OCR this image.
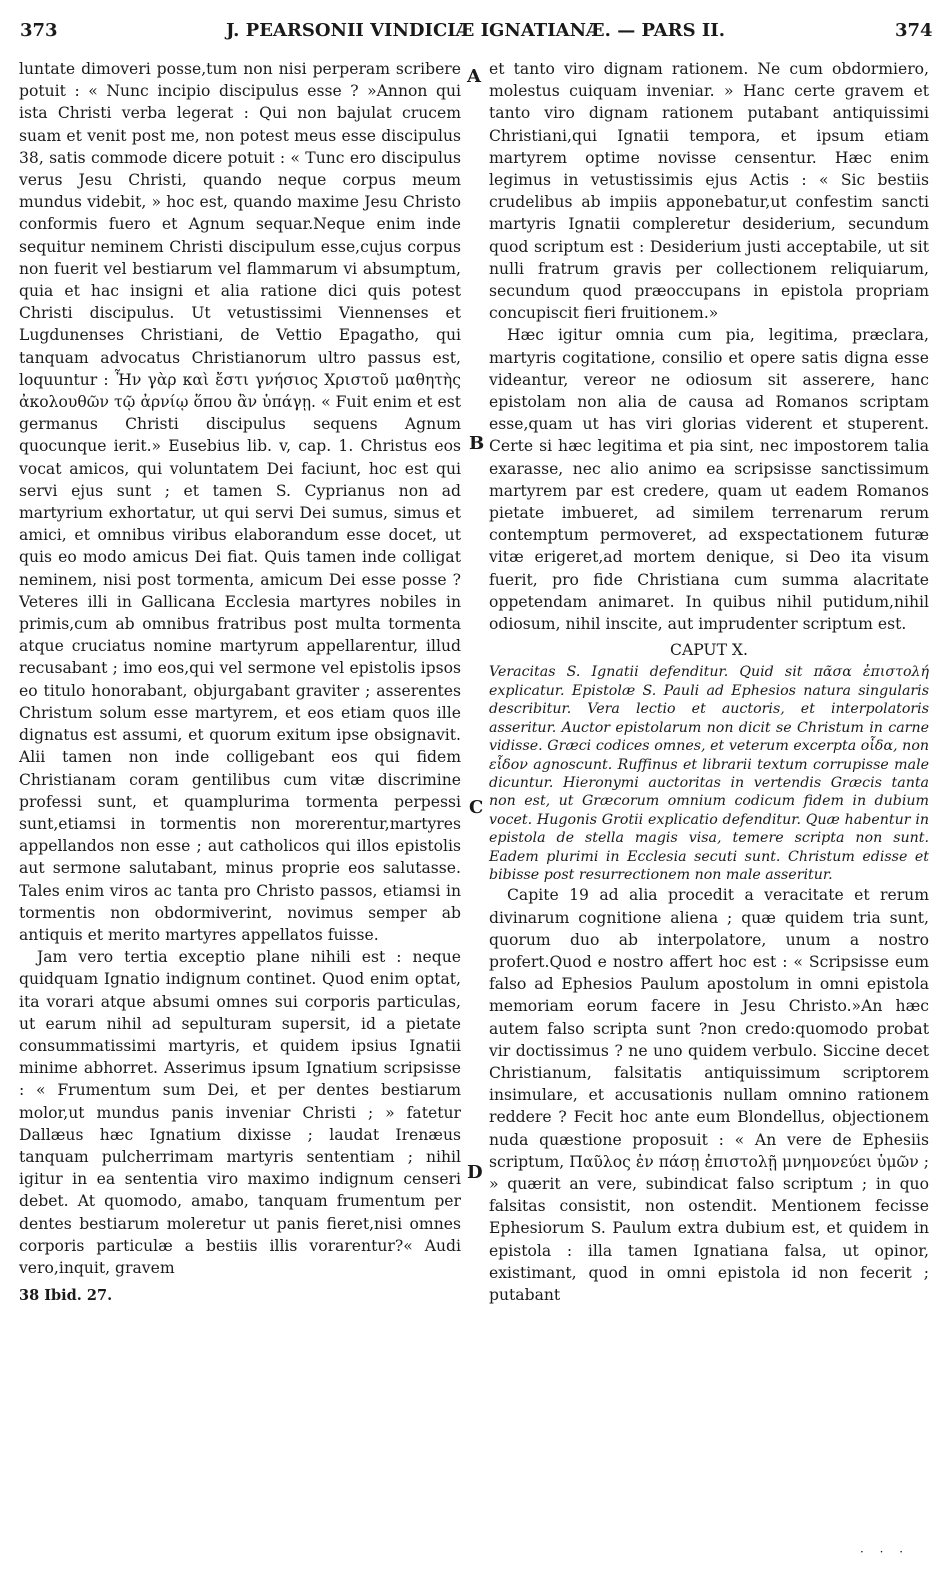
373	J. PEARSONII VINDICIÆ IGNATIANÆ. — PARS II.	374
A
B
C
D

luntate dimoveri posse,tum non nisi perperam scribere potuit : « Nunc incipio discipulus esse ? »Annon qui ista Christi verba legerat : Qui non bajulat crucem suam et venit post me, non potest meus esse discipulus 38, satis commode dicere potuit : « Tunc ero discipulus verus Jesu Christi, quando neque corpus meum mundus videbit, » hoc est, quando maxime Jesu Christo conformis fuero et Agnum sequar.Neque enim inde sequitur neminem Christi discipulum esse,cujus corpus non fuerit vel bestiarum vel flammarum vi absumptum, quia et hac insigni et alia ratione dici quis potest Christi discipulus. Ut vetustissimi Viennenses et Lugdunenses Christiani, de Vettio Epagatho, qui tanquam advocatus Christianorum ultro passus est, loquuntur : Ἦν γὰρ καὶ ἔστι γνήσιος Χριστοῦ μαθητὴς ἀκολουθῶν τῷ ἀρνίῳ ὅπου ἂν ὑπάγῃ. « Fuit enim et est germanus Christi discipulus sequens Agnum quocunque ierit.» Eusebius lib. v, cap. 1. Christus eos vocat amicos, qui voluntatem Dei faciunt, hoc est qui servi ejus sunt ; et tamen S. Cyprianus non ad martyrium exhortatur, ut qui servi Dei sumus, simus et amici, et omnibus viribus elaborandum esse docet, ut quis eo modo amicus Dei fiat. Quis tamen inde colligat neminem, nisi post tormenta, amicum Dei esse posse ? Veteres illi in Gallicana Ecclesia martyres nobiles in primis,cum ab omnibus fratribus post multa tormenta atque cruciatus nomine martyrum appellarentur, illud recusabant ; imo eos,qui vel sermone vel epistolis ipsos eo titulo honorabant, objurgabant graviter ; asserentes Christum solum esse martyrem, et eos etiam quos ille dignatus est assumi, et quorum exitum ipse obsignavit. Alii tamen non inde colligebant eos qui fidem Christianam coram gentilibus cum vitæ discrimine professi sunt, et quamplurima tormenta perpessi sunt,etiamsi in tormentis non morerentur,martyres appellandos non esse ; aut catholicos qui illos epistolis aut sermone salutabant, minus proprie eos salutasse. Tales enim viros ac tanta pro Christo passos, etiamsi in tormentis non obdormiverint, novimus semper ab antiquis et merito martyres appellatos fuisse.

Jam vero tertia exceptio plane nihili est : neque quidquam Ignatio indignum continet. Quod enim optat, ita vorari atque absumi omnes sui corporis particulas, ut earum nihil ad sepulturam supersit, id a pietate consummatissimi martyris, et quidem ipsius Ignatii minime abhorret. Asserimus ipsum Ignatium scripsisse : « Frumentum sum Dei, et per dentes bestiarum molor,ut mundus panis inveniar Christi ; » fatetur Dallæus hæc Ignatium dixisse ; laudat Irenæus tanquam pulcherrimam martyris sententiam ; nihil igitur in ea sententia viro maximo indignum censeri debet. At quomodo, amabo, tanquam frumentum per dentes bestiarum moleretur ut panis fieret,nisi omnes corporis particulæ a bestiis illis vorarentur?« Audi vero,inquit, gravem

38 Ibid. 27.

et tanto viro dignam rationem. Ne cum obdormiero, molestus cuiquam inveniar. » Hanc certe gravem et tanto viro dignam rationem putabant antiquissimi Christiani,qui Ignatii tempora, et ipsum etiam martyrem optime novisse censentur. Hæc enim legimus in vetustissimis ejus Actis : « Sic bestiis crudelibus ab impiis apponebatur,ut confestim sancti martyris Ignatii compleretur desiderium, secundum quod scriptum est : Desiderium justi acceptabile, ut sit nulli fratrum gravis per collectionem reliquiarum, secundum quod præoccupans in epistola propriam concupiscit fieri fruitionem.»

Hæc igitur omnia cum pia, legitima, præclara, martyris cogitatione, consilio et opere satis digna esse videantur, vereor ne odiosum sit asserere, hanc epistolam non alia de causa ad Romanos scriptam esse,quam ut has viri glorias viderent et stuperent. Certe si hæc legitima et pia sint, nec impostorem talia exarasse, nec alio animo ea scripsisse sanctissimum martyrem par est credere, quam ut eadem Romanos pietate imbueret, ad similem terrenarum rerum contemptum permoveret, ad exspectationem futuræ vitæ erigeret,ad mortem denique, si Deo ita visum fuerit, pro fide Christiana cum summa alacritate oppetendam animaret. In quibus nihil putidum,nihil odiosum, nihil inscite, aut imprudenter scriptum est.

CAPUT X.

Veracitas S. Ignatii defenditur. Quid sit πᾶσα ἐπιστολή explicatur. Epistolæ S. Pauli ad Ephesios natura singularis describitur. Vera lectio et auctoris, et interpolatoris asseritur. Auctor epistolarum non dicit se Christum in carne vidisse. Græci codices omnes, et veterum excerpta οἶδα, non εἶδον agnoscunt. Ruffinus et librarii textum corrupisse male dicuntur. Hieronymi auctoritas in vertendis Græcis tanta non est, ut Græcorum omnium codicum fidem in dubium vocet. Hugonis Grotii explicatio defenditur. Quæ habentur in epistola de stella magis visa, temere scripta non sunt. Eadem plurimi in Ecclesia secuti sunt. Christum edisse et bibisse post resurrectionem non male asseritur.

Capite 19 ad alia procedit a veracitate et rerum divinarum cognitione aliena ; quæ quidem tria sunt, quorum duo ab interpolatore, unum a nostro profert.Quod e nostro affert hoc est : « Scripsisse eum falso ad Ephesios Paulum apostolum in omni epistola memoriam eorum facere in Jesu Christo.»An hæc autem falso scripta sunt ?non credo:quomodo probat vir doctissimus ? ne uno quidem verbulo. Siccine decet Christianum, falsitatis antiquissimum scriptorem insimulare, et accusationis nullam omnino rationem reddere ? Fecit hoc ante eum Blondellus, objectionem nuda quæstione proposuit : « An vere de Ephesiis scriptum, Παῦλος ἐν πάσῃ ἐπιστολῇ μνημονεύει ὑμῶν ; » quærit an vere, subindicat falso scriptum ; in quo falsitas consistit, non ostendit. Mentionem fecisse Ephesiorum S. Paulum extra dubium est, et quidem in epistola : illa tamen Ignatiana falsa, ut opinor, existimant, quod in omni epistola id non fecerit ; putabant

· · ·
